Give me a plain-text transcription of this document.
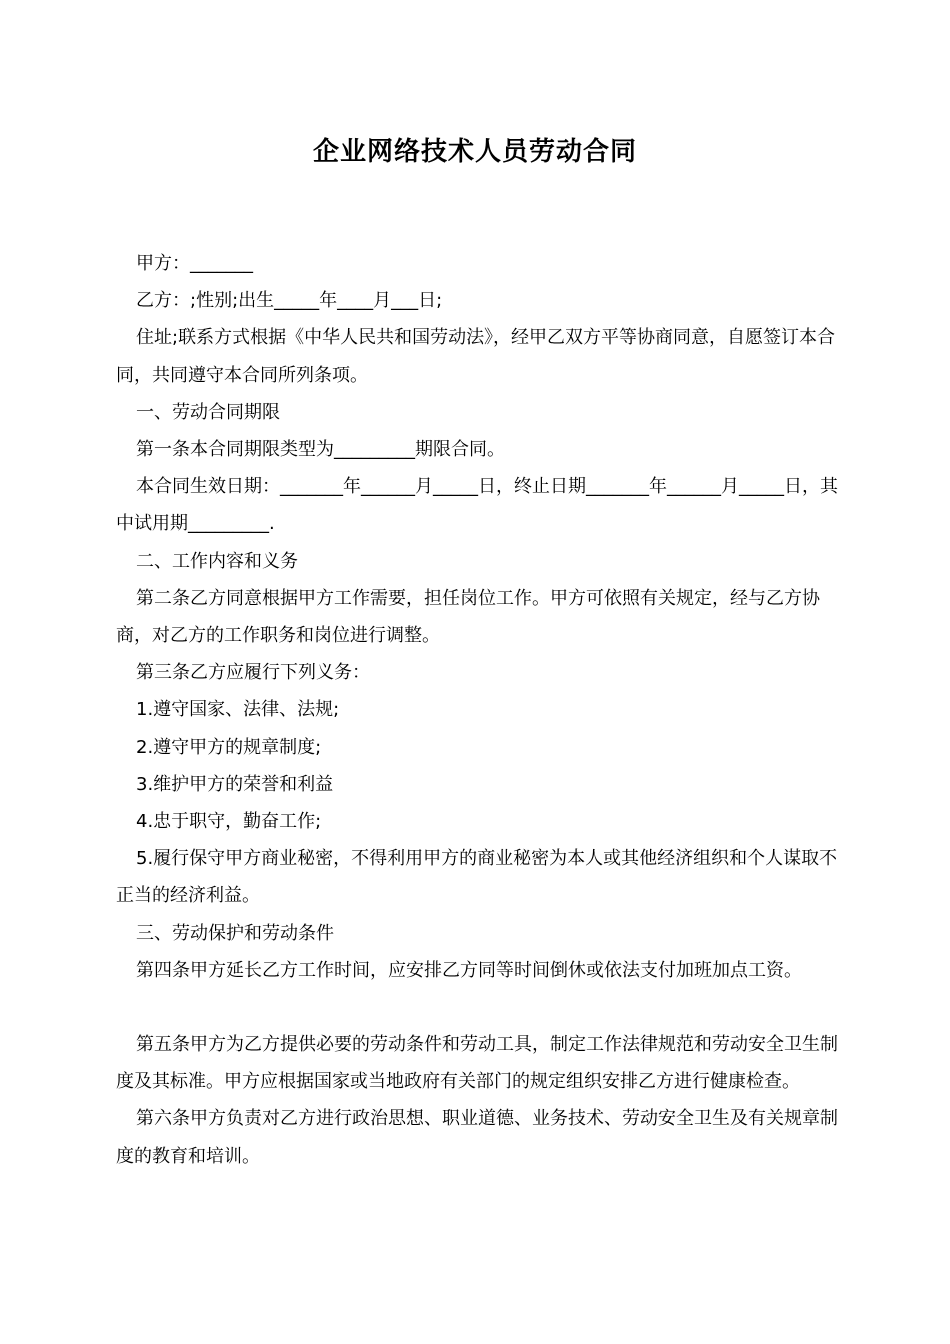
企业网络技术人员劳动合同

甲方：_______

乙方：;性别;出生_____年____月___日;

住址;联系方式根据《中华人民共和国劳动法》，经甲乙双方平等协商同意，自愿签订本合同，共同遵守本合同所列条项。

一、劳动合同期限

第一条本合同期限类型为_________期限合同。

本合同生效日期：_______年______月_____日，终止日期_______年______月_____日，其中试用期_________.

二、工作内容和义务

第二条乙方同意根据甲方工作需要，担任岗位工作。甲方可依照有关规定，经与乙方协商，对乙方的工作职务和岗位进行调整。

第三条乙方应履行下列义务：

1.遵守国家、法律、法规;

2.遵守甲方的规章制度;

3.维护甲方的荣誉和利益

4.忠于职守，勤奋工作;

5.履行保守甲方商业秘密，不得利用甲方的商业秘密为本人或其他经济组织和个人谋取不正当的经济利益。

三、劳动保护和劳动条件

第四条甲方延长乙方工作时间，应安排乙方同等时间倒休或依法支付加班加点工资。

第五条甲方为乙方提供必要的劳动条件和劳动工具，制定工作法律规范和劳动安全卫生制度及其标准。甲方应根据国家或当地政府有关部门的规定组织安排乙方进行健康检查。

第六条甲方负责对乙方进行政治思想、职业道德、业务技术、劳动安全卫生及有关规章制度的教育和培训。
